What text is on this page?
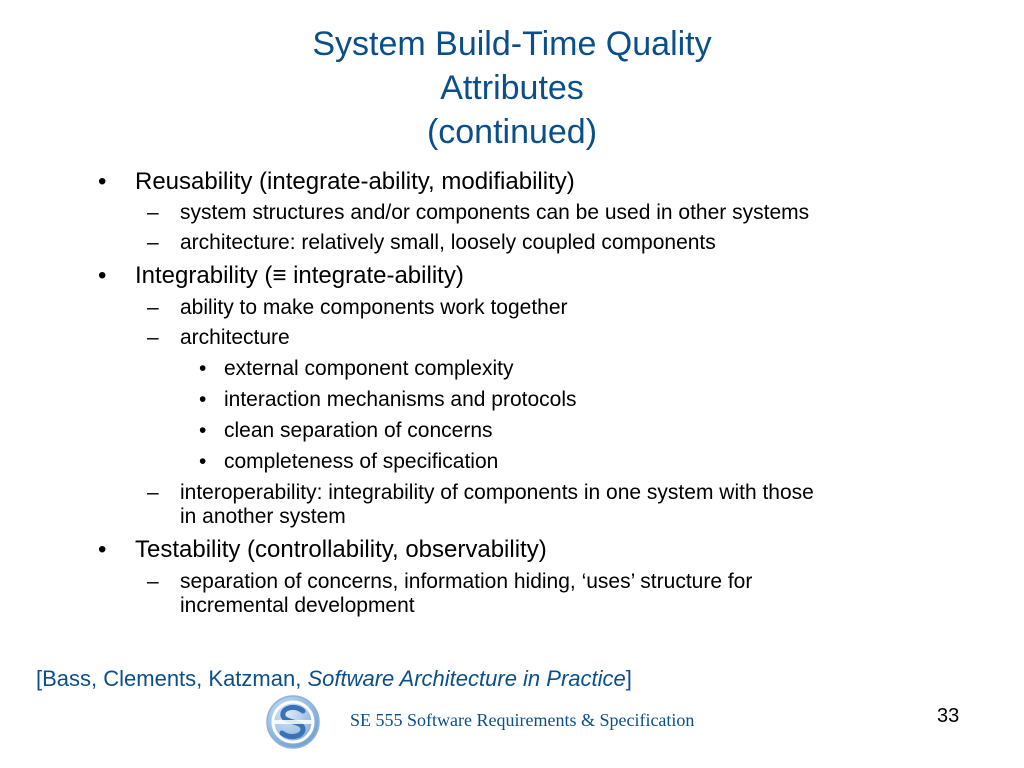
System Build-Time Quality
Attributes
(continued)
• Reusability (integrate-ability, modifiability)
– system structures and/or components can be used in other systems
– architecture: relatively small, loosely coupled components
• Integrability (≡ integrate-ability)
– ability to make components work together
– architecture
• external component complexity
• interaction mechanisms and protocols
• clean separation of concerns
• completeness of specification
– interoperability: integrability of components in one system with those
in another system
• Testability (controllability, observability)
– separation of concerns, information hiding, ‘uses’ structure for
incremental development
[Bass, Clements, Katzman, Software Architecture in Practice]
SE 555 Software Requirements & Specification	33
